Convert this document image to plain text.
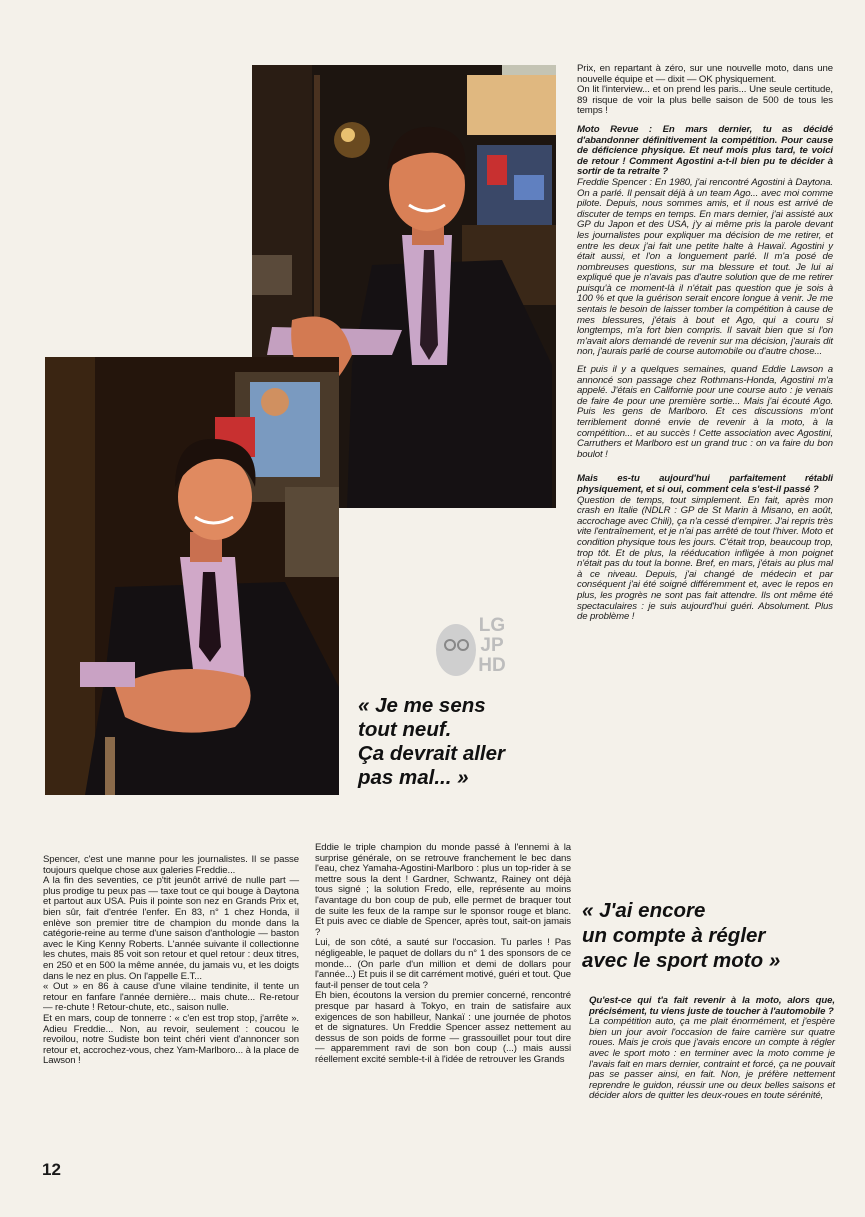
LG
JP
HD
« Je me sens
tout neuf.
Ça devrait aller
pas mal... »
« J'ai encore
un compte à régler
avec le sport moto »

Prix, en repartant à zéro, sur une nouvelle moto, dans une nouvelle équipe et — dixit — OK physiquement.

On lit l'interview... et on prend les paris... Une seule certitude, 89 risque de voir la plus belle saison de 500 de tous les temps !

Moto Revue : En mars dernier, tu as décidé d'abandonner définitivement la compétition. Pour cause de déficience physique. Et neuf mois plus tard, te voici de retour ! Comment Agostini a-t-il bien pu te décider à sortir de ta retraite ?

Freddie Spencer : En 1980, j'ai rencontré Agostini à Daytona. On a parlé. Il pensait déjà à un team Ago... avec moi comme pilote. Depuis, nous sommes amis, et il nous est arrivé de discuter de temps en temps. En mars dernier, j'ai assisté aux GP du Japon et des USA, j'y ai même pris la parole devant les journalistes pour expliquer ma décision de me retirer, et entre les deux j'ai fait une petite halte à Hawaï. Agostini y était aussi, et l'on a longuement parlé. Il m'a posé de nombreuses questions, sur ma blessure et tout. Je lui ai expliqué que je n'avais pas d'autre solution que de me retirer puisqu'à ce moment-là il n'était pas question que je sois à 100 % et que la guérison serait encore longue à venir. Je me sentais le besoin de laisser tomber la compétition à cause de mes blessures, j'étais à bout et Ago, qui a couru si longtemps, m'a fort bien compris. Il savait bien que si l'on m'avait alors demandé de revenir sur ma décision, j'aurais dit non, j'aurais parlé de course automobile ou d'autre chose...

Et puis il y a quelques semaines, quand Eddie Lawson a annoncé son passage chez Rothmans-Honda, Agostini m'a appelé. J'étais en Californie pour une course auto : je venais de faire 4e pour une première sortie... Mais j'ai écouté Ago. Puis les gens de Marlboro. Et ces discussions m'ont terriblement donné envie de revenir à la moto, à la compétition... et au succès ! Cette association avec Agostini, Carruthers et Marlboro est un grand truc : on va faire du bon boulot !

Mais es-tu aujourd'hui parfaitement rétabli physiquement, et si oui, comment cela s'est-il passé ?

Question de temps, tout simplement. En fait, après mon crash en Italie (NDLR : GP de St Marin à Misano, en août, accrochage avec Chili), ça n'a cessé d'empirer. J'ai repris très vite l'entraînement, et je n'ai pas arrêté de tout l'hiver. Moto et condition physique tous les jours. C'était trop, beaucoup trop, trop tôt. Et de plus, la rééducation infligée à mon poignet n'était pas du tout la bonne. Bref, en mars, j'étais au plus mal à ce niveau. Depuis, j'ai changé de médecin et par conséquent j'ai été soigné différemment et, avec le repos en plus, les progrès ne sont pas fait attendre. Ils ont même été spectaculaires : je suis aujourd'hui guéri. Absolument. Plus de problème !

Qu'est-ce qui t'a fait revenir à la moto, alors que, précisément, tu viens juste de toucher à l'automobile ?

La compétition auto, ça me plait énormément, et j'espère bien un jour avoir l'occasion de faire carrière sur quatre roues. Mais je crois que j'avais encore un compte à régler avec le sport moto : en terminer avec la moto comme je l'avais fait en mars dernier, contraint et forcé, ça ne pouvait pas se passer ainsi, en fait. Non, je préfère nettement reprendre le guidon, réussir une ou deux belles saisons et décider alors de quitter les deux-roues en toute sérénité,

Spencer, c'est une manne pour les journalistes. Il se passe toujours quelque chose aux galeries Freddie...

A la fin des seventies, ce p'tit jeunôt arrivé de nulle part — plus prodige tu peux pas — taxe tout ce qui bouge à Daytona et partout aux USA. Puis il pointe son nez en Grands Prix et, bien sûr, fait d'entrée l'enfer. En 83, n° 1 chez Honda, il enlève son premier titre de champion du monde dans la catégorie-reine au terme d'une saison d'anthologie — baston avec le King Kenny Roberts. L'année suivante il collectionne les chutes, mais 85 voit son retour et quel retour : deux titres, en 250 et en 500 la même année, du jamais vu, et les doigts dans le nez en plus. On l'appelle E.T...

« Out » en 86 à cause d'une vilaine tendinite, il tente un retour en fanfare l'année dernière... mais chute... Re-retour — re-chute ! Retour-chute, etc., saison nulle.

Et en mars, coup de tonnerre : « c'en est trop stop, j'arrête ». Adieu Freddie... Non, au revoir, seulement : coucou le revoilou, notre Sudiste bon teint chéri vient d'annoncer son retour et, accrochez-vous, chez Yam-Marlboro... à la place de Lawson !

Eddie le triple champion du monde passé à l'ennemi à la surprise générale, on se retrouve franchement le bec dans l'eau, chez Yamaha-Agostini-Marlboro : plus un top-rider à se mettre sous la dent ! Gardner, Schwantz, Rainey ont déjà tous signé ; la solution Fredo, elle, représente au moins l'avantage du bon coup de pub, elle permet de braquer tout de suite les feux de la rampe sur le sponsor rouge et blanc. Et puis avec ce diable de Spencer, après tout, sait-on jamais ?

Lui, de son côté, a sauté sur l'occasion. Tu parles ! Pas négligeable, le paquet de dollars du n° 1 des sponsors de ce monde... (On parle d'un million et demi de dollars pour l'année...) Et puis il se dit carrément motivé, guéri et tout. Que faut-il penser de tout cela ?

Eh bien, écoutons la version du premier concerné, rencontré presque par hasard à Tokyo, en train de satisfaire aux exigences de son habilleur, Nankaï : une journée de photos et de signatures. Un Freddie Spencer assez nettement au dessus de son poids de forme — grassouillet pour tout dire — apparemment ravi de son bon coup (...) mais aussi réellement excité semble-t-il à l'idée de retrouver les Grands

12
